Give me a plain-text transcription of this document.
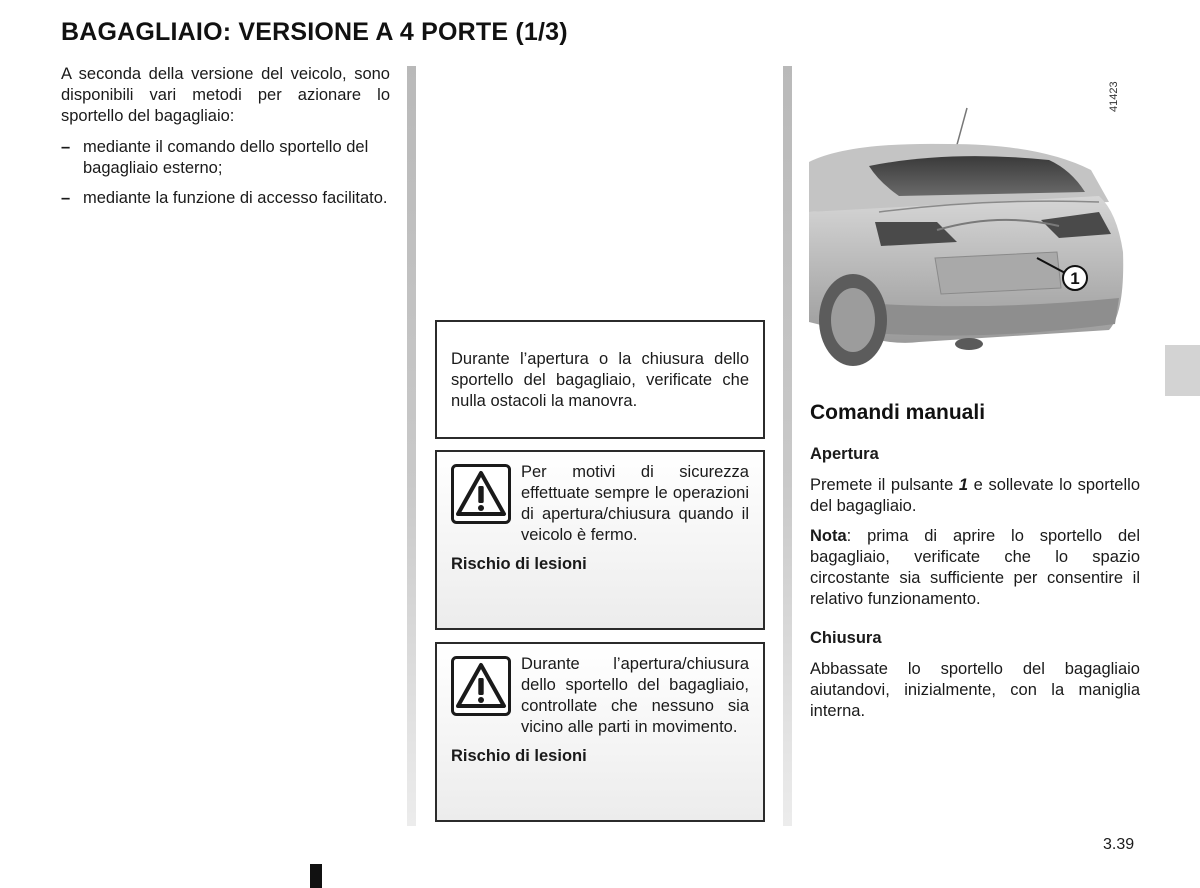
BAGAGLIAIO: VERSIONE A 4 PORTE (1/3)

A seconda della versione del veicolo, sono disponibili vari metodi per azionare lo sportello del bagagliaio:

– mediante il comando dello sportello del bagagliaio esterno;
– mediante la funzione di accesso facilitato.

Durante l’apertura o la chiusura dello sportello del bagagliaio, verificate che nulla ostacoli la manovra.

Per motivi di sicurezza effettuate sempre le operazioni di apertura/chiusura quando il veicolo è fermo.
Rischio di lesioni
Durante l’apertura/chiusura dello sportello del bagagliaio, controllate che nessuno sia vicino alle parti in movimento.
Rischio di lesioni
1
41423
Comandi manuali
Apertura
Premete il pulsante 1 e sollevate lo sportello del bagagliaio.
Nota: prima di aprire lo sportello del bagagliaio, verificate che lo spazio circostante sia sufficiente per consentire il relativo funzionamento.
Chiusura
Abbassate lo sportello del bagagliaio aiutandovi, inizialmente, con la maniglia interna.
3.39
